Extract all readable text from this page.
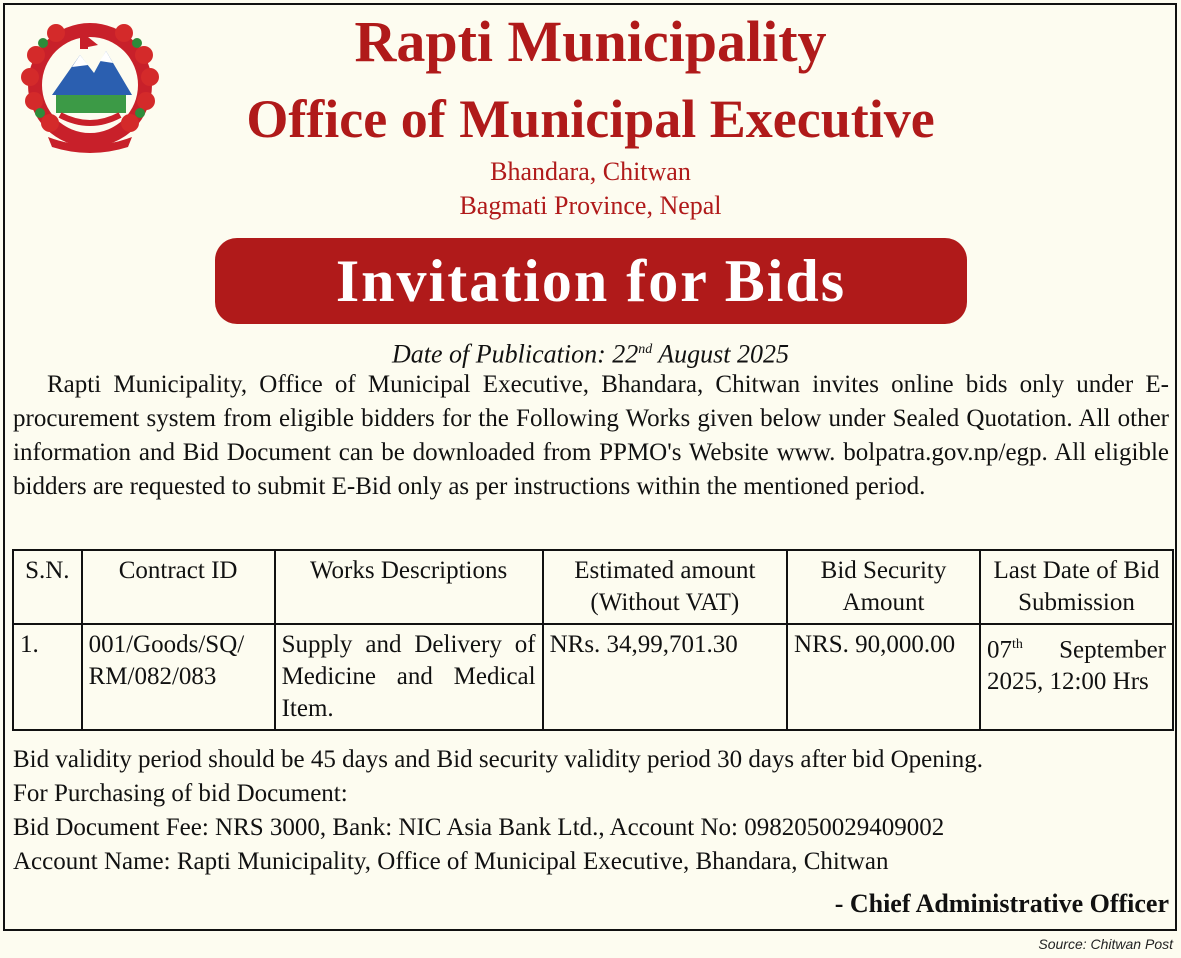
Rapti Municipality
Office of Municipal Executive
Bhandara, Chitwan
Bagmati Province, Nepal
Invitation for Bids
Date of Publication: 22nd August 2025

Rapti Municipality, Office of Municipal Executive, Bhandara, Chitwan invites online bids only under E-procurement system from eligible bidders for the Following Works given below under Sealed Quotation. All other information and Bid Document can be downloaded from PPMO's Website www. bolpatra.gov.np/egp. All eligible bidders are requested to submit E-Bid only as per instructions within the mentioned period.

S.N.	Contract ID	Works Descriptions	Estimated amount (Without VAT)	Bid Security Amount	Last Date of Bid Submission
1.	001/Goods/SQ/ RM/082/083	Supply and Delivery of Medicine and Medical Item.	NRs. 34,99,701.30	NRS. 90,000.00	07th September 2025, 12:00 Hrs
Bid validity period should be 45 days and Bid security validity period 30 days after bid Opening.
For Purchasing of bid Document:
Bid Document Fee: NRS 3000, Bank: NIC Asia Bank Ltd., Account No: 0982050029409002
Account Name: Rapti Municipality, Office of Municipal Executive, Bhandara, Chitwan
- Chief Administrative Officer
Source: Chitwan Post
